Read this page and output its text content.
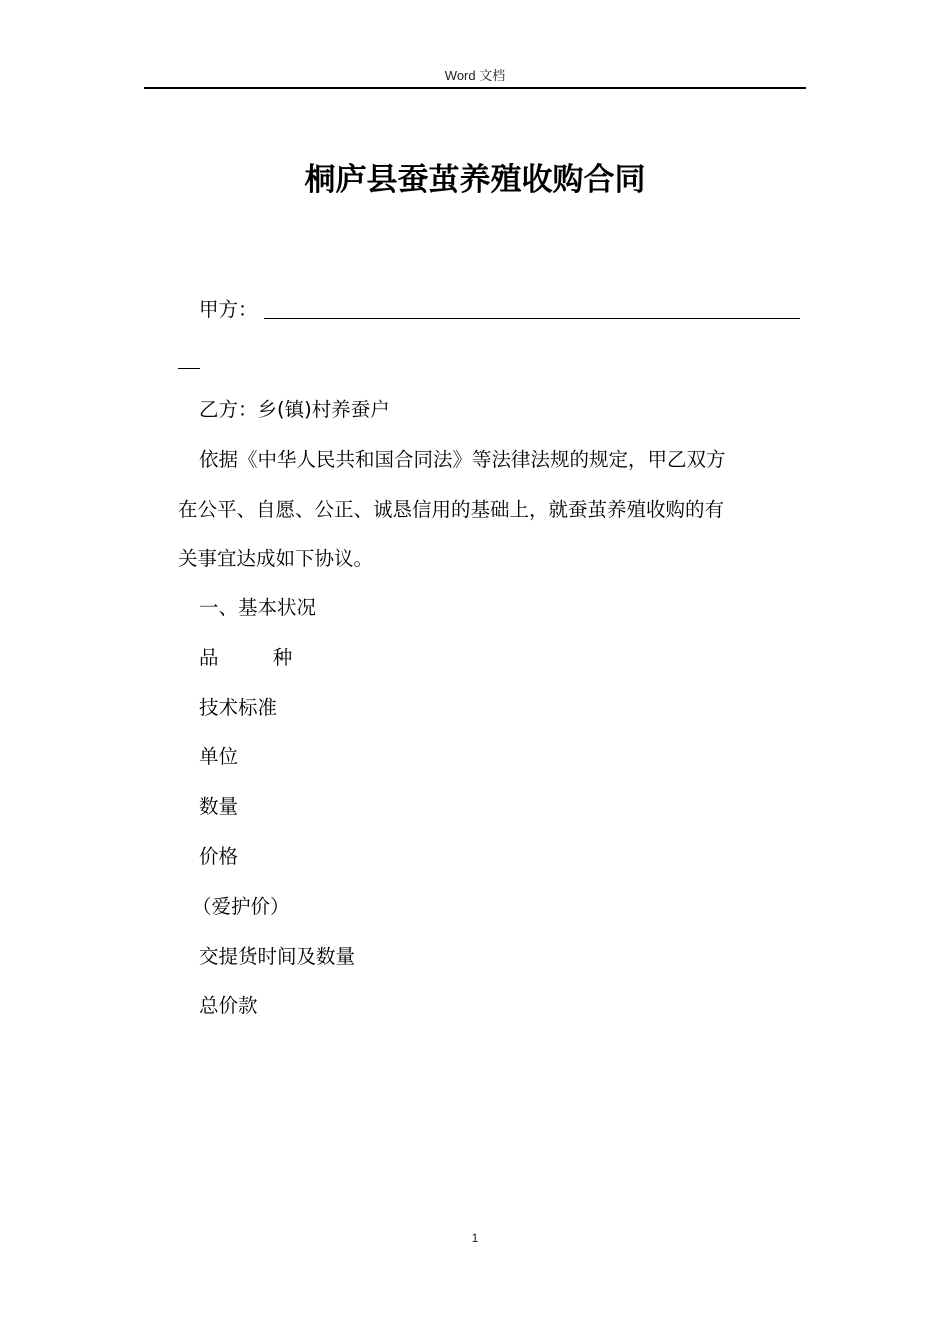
Word 文档
桐庐县蚕茧养殖收购合同
甲方：
乙方：乡(镇)村养蚕户
依据《中华人民共和国合同法》等法律法规的规定，甲乙双方
在公平、自愿、公正、诚恳信用的基础上，就蚕茧养殖收购的有
关事宜达成如下协议。
一、基本状况
品 种
技术标准
单位
数量
价格
（爱护价）
交提货时间及数量
总价款
1
